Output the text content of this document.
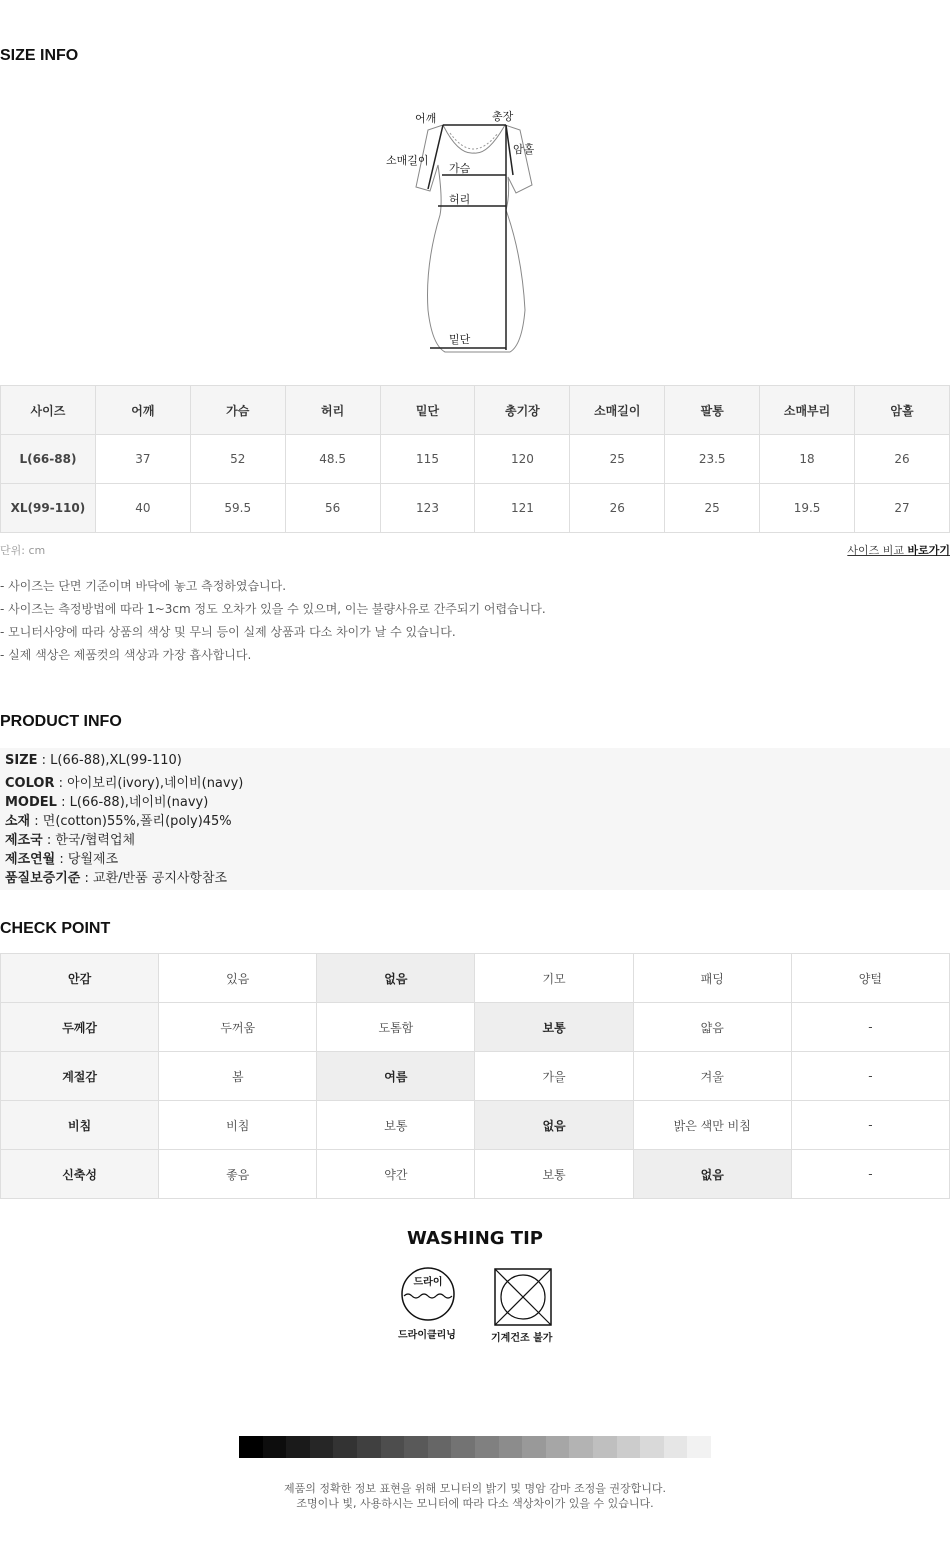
SIZE INFO
어깨	총장
암홀
소매길이
가슴
허리
밑단
사이즈	어깨	가슴	허리	밑단	총기장	소매길이	팔통	소매부리	암홀
L(66-88)	37	52	48.5	115	120	25	23.5	18	26
XL(99-110)	40	59.5	56	123	121	26	25	19.5	27
단위: cm	사이즈 비교 바로가기
- 사이즈는 단면 기준이며 바닥에 놓고 측정하였습니다.
- 사이즈는 측정방법에 따라 1~3cm 정도 오차가 있을 수 있으며, 이는 불량사유로 간주되기 어렵습니다.
- 모니터사양에 따라 상품의 색상 및 무늬 등이 실제 상품과 다소 차이가 날 수 있습니다.
- 실제 색상은 제품컷의 색상과 가장 흡사합니다.
PRODUCT INFO
SIZE : L(66-88),XL(99-110)
COLOR : 아이보리(ivory),네이비(navy)
MODEL : L(66-88),네이비(navy)
소재 : 면(cotton)55%,폴리(poly)45%
제조국 : 한국/협력업체
제조연월 : 당월제조
품질보증기준 : 교환/반품 공지사항참조
CHECK POINT
안감	있음	없음	기모	패딩	양털
두께감	두꺼움	도톰함	보통	얇음	-
계절감	봄	여름	가을	겨울	-
비침	비침	보통	없음	밝은 색만 비침	-
신축성	좋음	약간	보통	없음	-
WASHING TIP
드라이
드라이클리닝	기계건조 불가
제품의 정확한 정보 표현을 위해 모니터의 밝기 및 명암 감마 조정을 권장합니다.
조명이나 빛, 사용하시는 모니터에 따라 다소 색상차이가 있을 수 있습니다.
